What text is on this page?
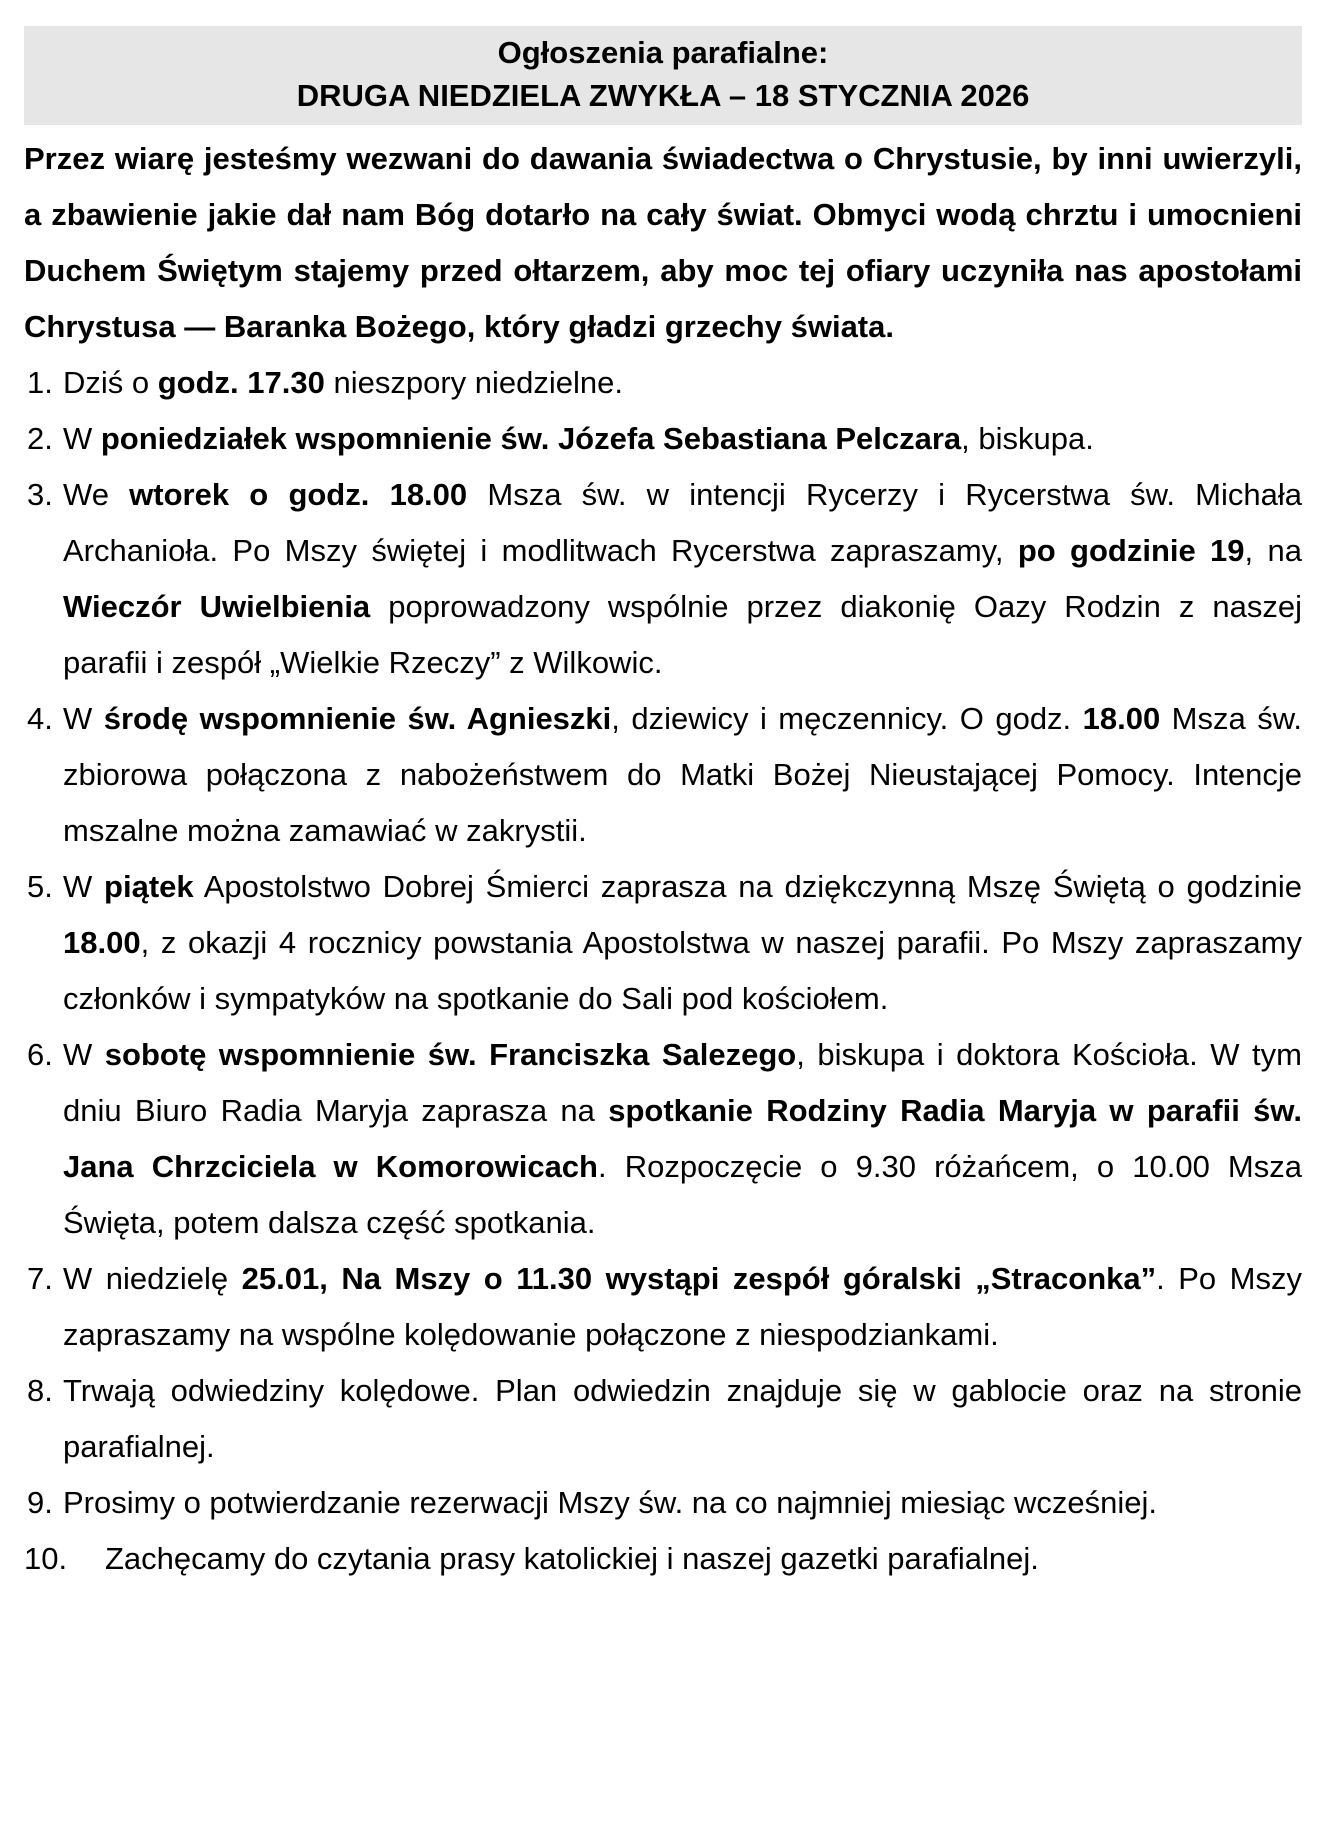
Ogłoszenia parafialne:
DRUGA NIEDZIELA ZWYKŁA – 18 STYCZNIA 2026

Przez wiarę jesteśmy wezwani do dawania świadectwa o Chrystusie, by inni uwierzyli, a zbawienie jakie dał nam Bóg dotarło na cały świat. Obmyci wodą chrztu i umocnieni Duchem Świętym stajemy przed ołtarzem, aby moc tej ofiary uczyniła nas apostołami Chrystusa — Baranka Bożego, który gładzi grzechy świata.

1. Dziś o godz. 17.30 nieszpory niedzielne.
2. W poniedziałek wspomnienie św. Józefa Sebastiana Pelczara, biskupa.
3. We wtorek o godz. 18.00 Msza św. w intencji Rycerzy i Rycerstwa św. Michała Archanioła. Po Mszy świętej i modlitwach Rycerstwa zapraszamy, po godzinie 19, na Wieczór Uwielbienia poprowadzony wspólnie przez diakonię Oazy Rodzin z naszej parafii i zespół „Wielkie Rzeczy” z Wilkowic.
4. W środę wspomnienie św. Agnieszki, dziewicy i męczennicy. O godz. 18.00 Msza św. zbiorowa połączona z nabożeństwem do Matki Bożej Nieustającej Pomocy. Intencje mszalne można zamawiać w zakrystii.
5. W piątek Apostolstwo Dobrej Śmierci zaprasza na dziękczynną Mszę Świętą o godzinie 18.00, z okazji 4 rocznicy powstania Apostolstwa w naszej parafii. Po Mszy zapraszamy członków i sympatyków na spotkanie do Sali pod kościołem.
6. W sobotę wspomnienie św. Franciszka Salezego, biskupa i doktora Kościoła. W tym dniu Biuro Radia Maryja zaprasza na spotkanie Rodziny Radia Maryja w parafii św. Jana Chrzciciela w Komorowicach. Rozpoczęcie o 9.30 różańcem, o 10.00 Msza Święta, potem dalsza część spotkania.
7. W niedzielę 25.01, Na Mszy o 11.30 wystąpi zespół góralski „Straconka”. Po Mszy zapraszamy na wspólne kolędowanie połączone z niespodziankami.
8. Trwają odwiedziny kolędowe. Plan odwiedzin znajduje się w gablocie oraz na stronie parafialnej.
9. Prosimy o potwierdzanie rezerwacji Mszy św. na co najmniej miesiąc wcześniej.
10. Zachęcamy do czytania prasy katolickiej i naszej gazetki parafialnej.
